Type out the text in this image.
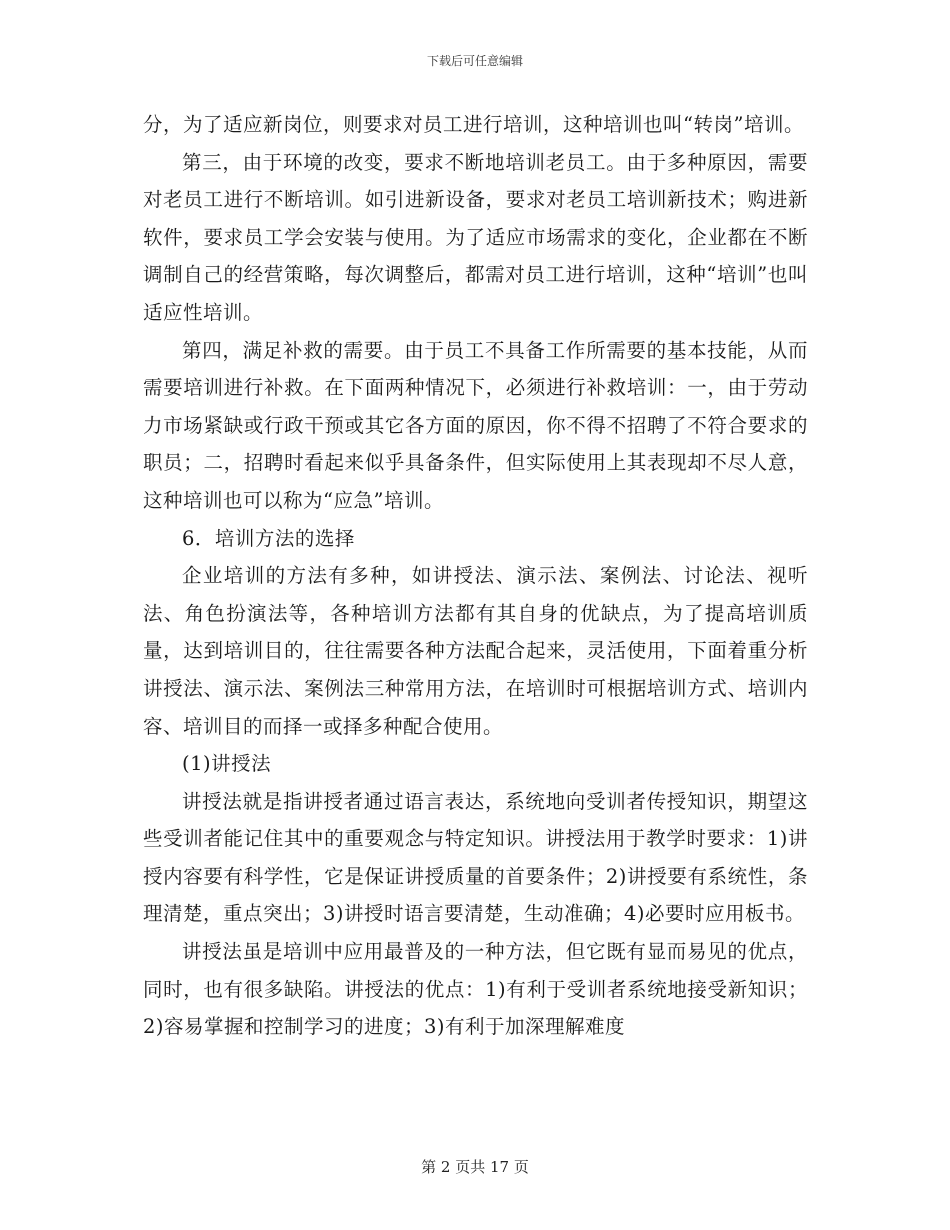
下载后可任意编辑

分，为了适应新岗位，则要求对员工进行培训，这种培训也叫“转岗”培训。

第三，由于环境的改变，要求不断地培训老员工。由于多种原因，需要对老员工进行不断培训。如引进新设备，要求对老员工培训新技术；购进新软件，要求员工学会安装与使用。为了适应市场需求的变化，企业都在不断调制自己的经营策略，每次调整后，都需对员工进行培训，这种“培训”也叫适应性培训。

第四，满足补救的需要。由于员工不具备工作所需要的基本技能，从而需要培训进行补救。在下面两种情况下，必须进行补救培训：一，由于劳动力市场紧缺或行政干预或其它各方面的原因，你不得不招聘了不符合要求的职员；二，招聘时看起来似乎具备条件，但实际使用上其表现却不尽人意，这种培训也可以称为“应急”培训。

6．培训方法的选择

企业培训的方法有多种，如讲授法、演示法、案例法、讨论法、视听法、角色扮演法等，各种培训方法都有其自身的优缺点，为了提高培训质量，达到培训目的，往往需要各种方法配合起来，灵活使用，下面着重分析讲授法、演示法、案例法三种常用方法，在培训时可根据培训方式、培训内容、培训目的而择一或择多种配合使用。

(1)讲授法

讲授法就是指讲授者通过语言表达，系统地向受训者传授知识，期望这些受训者能记住其中的重要观念与特定知识。讲授法用于教学时要求：1)讲授内容要有科学性，它是保证讲授质量的首要条件；2)讲授要有系统性，条理清楚，重点突出；3)讲授时语言要清楚，生动准确；4)必要时应用板书。

讲授法虽是培训中应用最普及的一种方法，但它既有显而易见的优点，同时，也有很多缺陷。讲授法的优点：1)有利于受训者系统地接受新知识；2)容易掌握和控制学习的进度；3)有利于加深理解难度

第 2 页共 17 页
